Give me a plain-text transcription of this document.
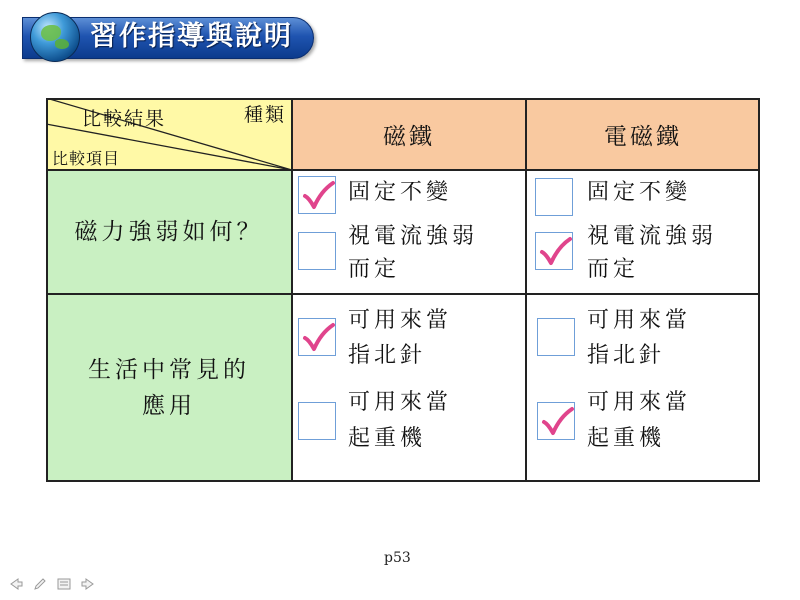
習作指導與說明
比較結果	種類
比較項目
磁鐵	電磁鐵
磁力強弱如何？
生活中常見的
應用
固定不變
視電流強弱
而定
固定不變
視電流強弱
而定
可用來當
指北針
可用來當
起重機
可用來當
指北針
可用來當
起重機
p53
